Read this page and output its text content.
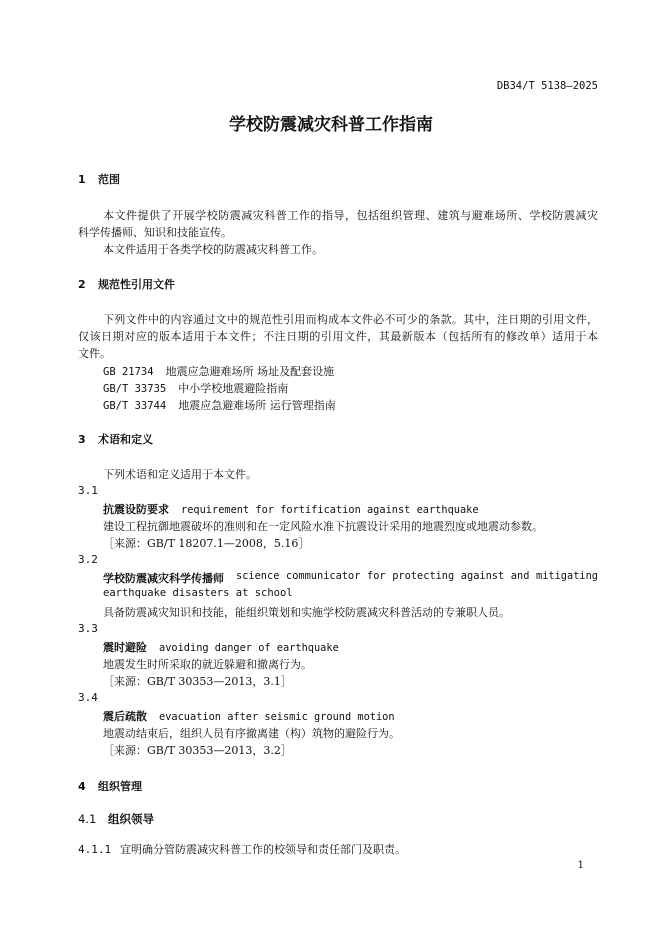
DB34/T 5138—2025
学校防震减灾科普工作指南
1 范围
本文件提供了开展学校防震减灾科普工作的指导，包括组织管理、建筑与避难场所、学校防震减灾
科学传播师、知识和技能宣传。
本文件适用于各类学校的防震减灾科普工作。
2 规范性引用文件
下列文件中的内容通过文中的规范性引用而构成本文件必不可少的条款。其中，注日期的引用文件，
仅该日期对应的版本适用于本文件；不注日期的引用文件，其最新版本（包括所有的修改单）适用于本
文件。
GB 21734 地震应急避难场所 场址及配套设施
GB/T 33735 中小学校地震避险指南
GB/T 33744 地震应急避难场所 运行管理指南
3 术语和定义
下列术语和定义适用于本文件。
3.1
抗震设防要求 requirement for fortification against earthquake
建设工程抗御地震破坏的准则和在一定风险水准下抗震设计采用的地震烈度或地震动参数。
［来源：GB/T 18207.1—2008，5.16］
3.2
学校防震减灾科学传播师 science communicator for protecting against and mitigating
earthquake disasters at school
具备防震减灾知识和技能，能组织策划和实施学校防震减灾科普活动的专兼职人员。
3.3
震时避险 avoiding danger of earthquake
地震发生时所采取的就近躲避和撤离行为。
［来源：GB/T 30353—2013，3.1］
3.4
震后疏散 evacuation after seismic ground motion
地震动结束后，组织人员有序撤离建（构）筑物的避险行为。
［来源：GB/T 30353—2013，3.2］
4 组织管理
4.1 组织领导
4.1.1 宜明确分管防震减灾科普工作的校领导和责任部门及职责。
1
